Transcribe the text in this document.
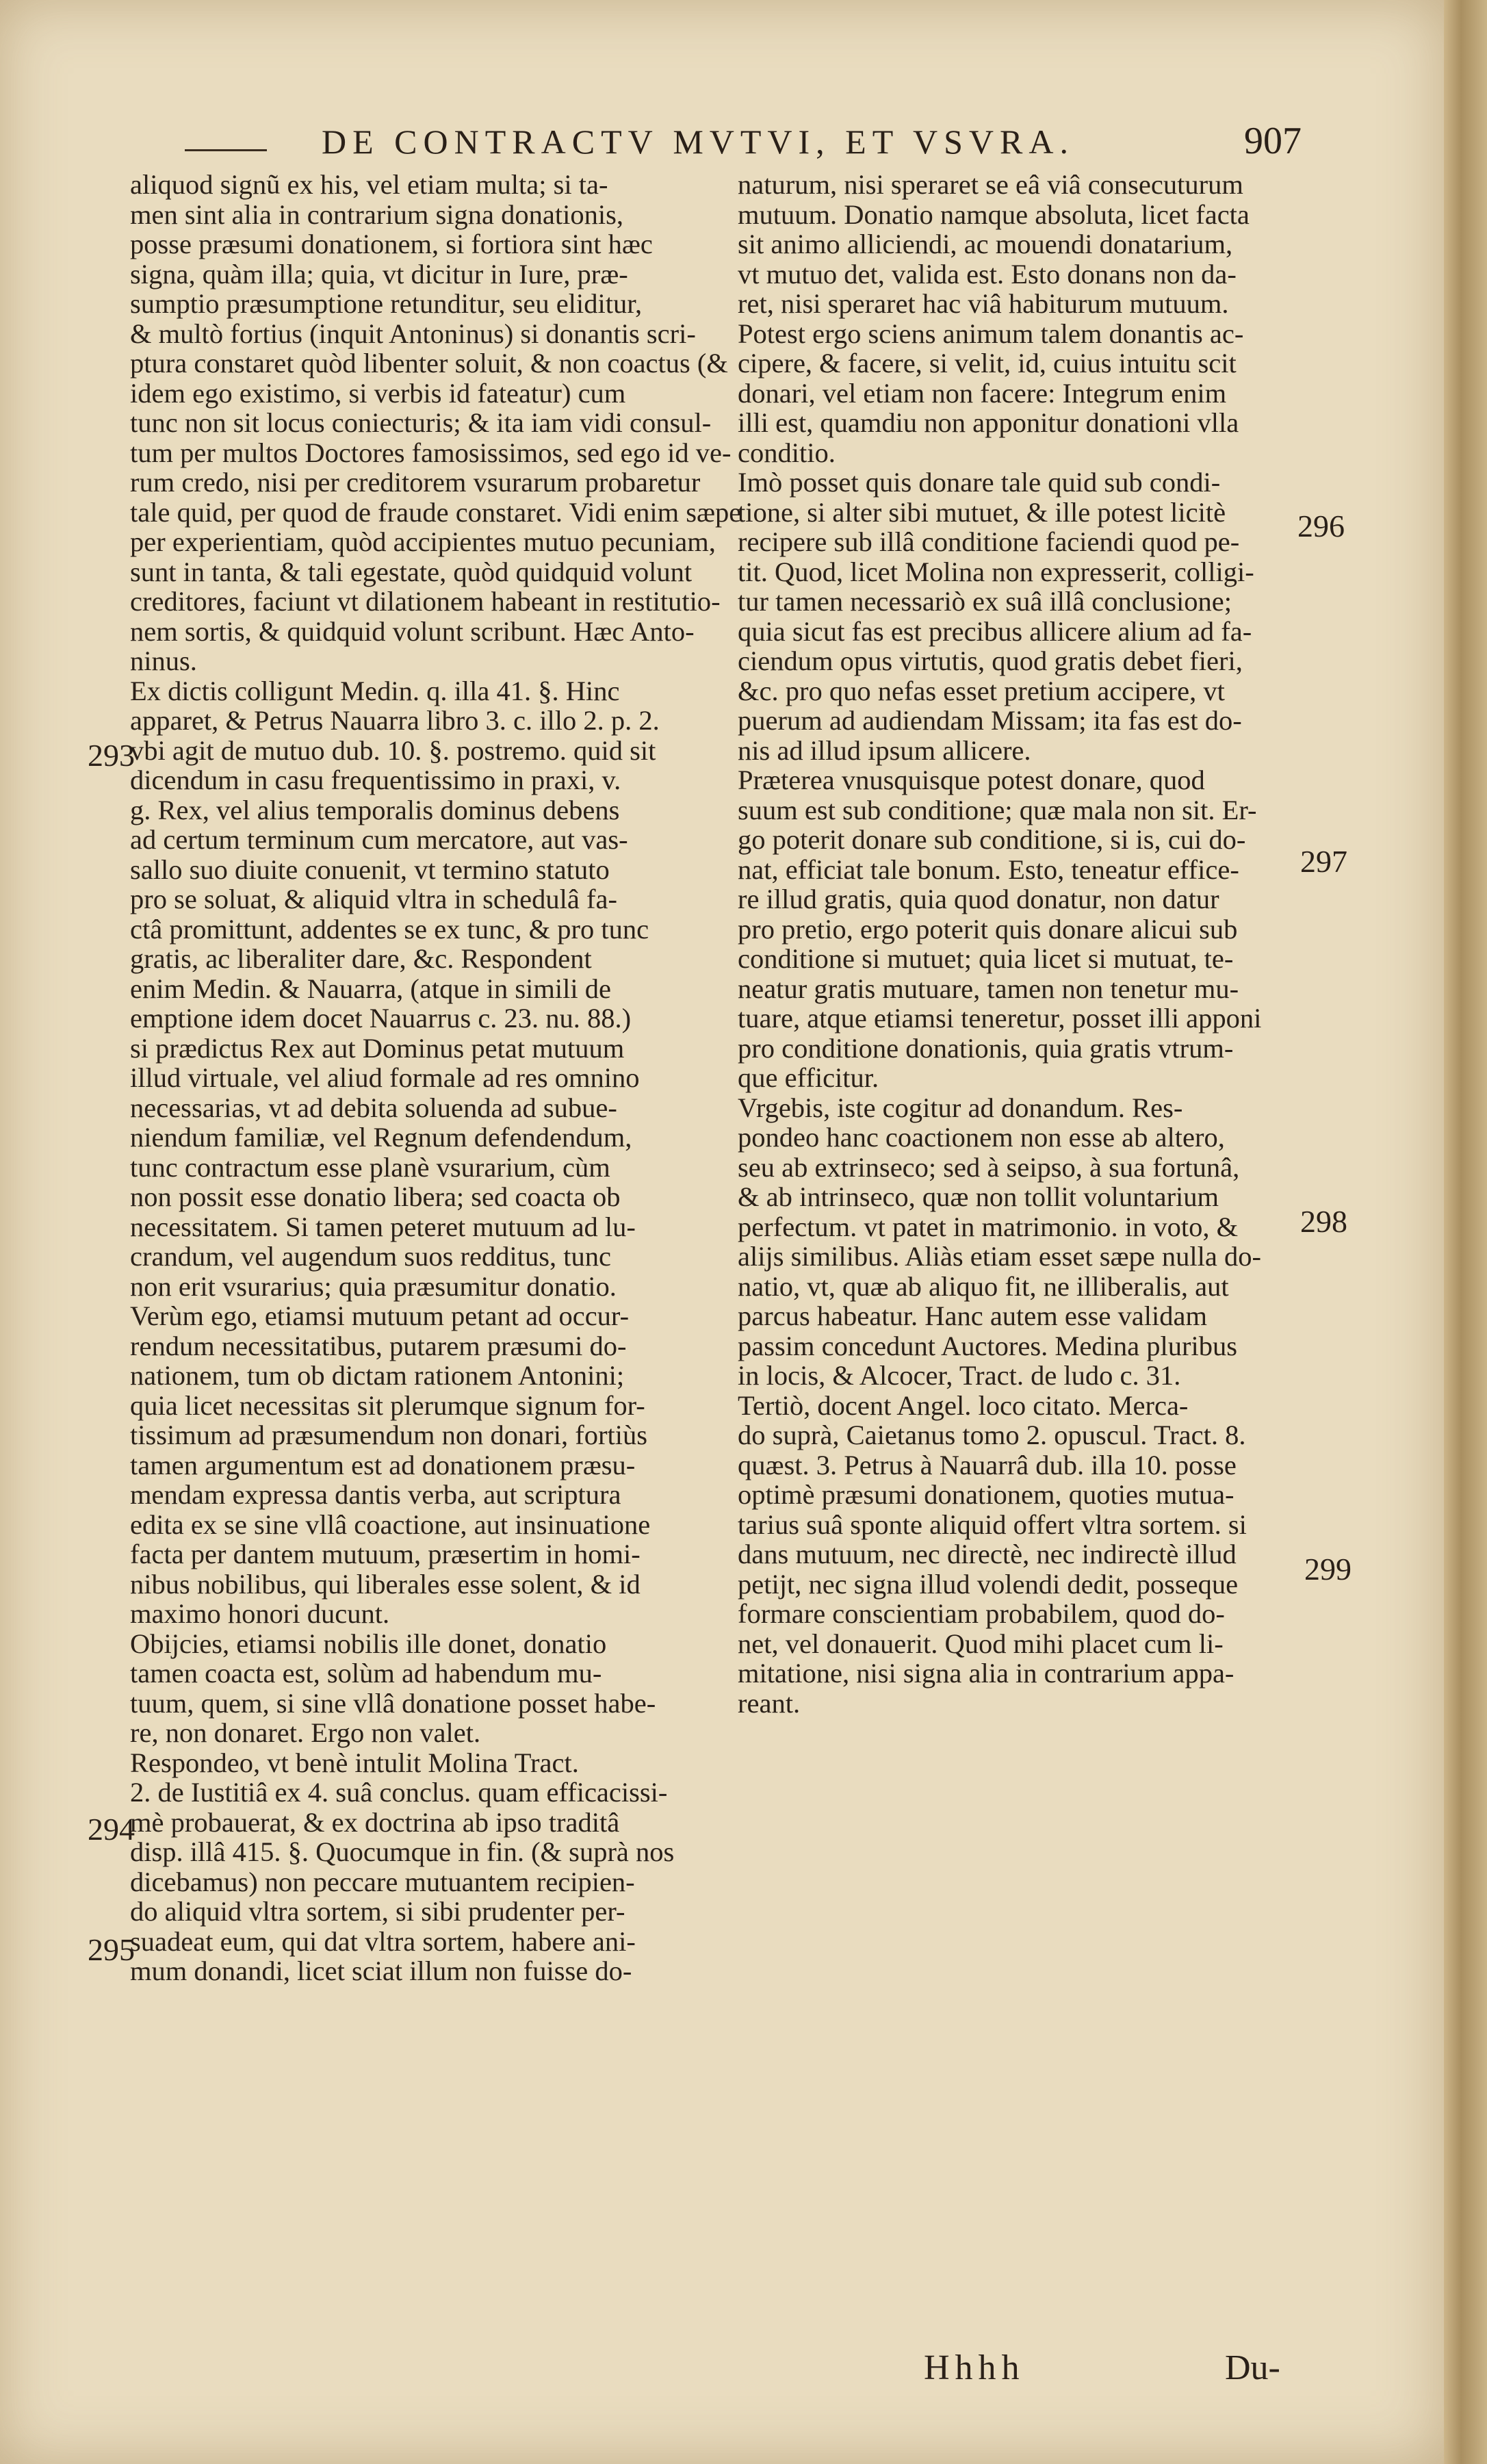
DE CONTRACTV MVTVI, ET VSVRA.	907
aliquod signũ ex his, vel etiam multa; si ta-
men sint alia in contrarium signa donationis,
posse præsumi donationem, si fortiora sint hæc
signa, quàm illa; quia, vt dicitur in Iure, præ-
sumptio præsumptione retunditur, seu eliditur,
& multò fortius (inquit Antoninus) si donantis scri-
ptura constaret quòd libenter soluit, & non coactus (&
idem ego existimo, si verbis id fateatur) cum
tunc non sit locus coniecturis; & ita iam vidi consul-
tum per multos Doctores famosissimos, sed ego id ve-
rum credo, nisi per creditorem vsurarum probaretur
tale quid, per quod de fraude constaret. Vidi enim sæpe
per experientiam, quòd accipientes mutuo pecuniam,
sunt in tanta, & tali egestate, quòd quidquid volunt
creditores, faciunt vt dilationem habeant in restitutio-
nem sortis, & quidquid volunt scribunt. Hæc Anto-
ninus.
Ex dictis colligunt Medin. q. illa 41. §. Hinc
apparet, & Petrus Nauarra libro 3. c. illo 2. p. 2.
vbi agit de mutuo dub. 10. §. postremo. quid sit
dicendum in casu frequentissimo in praxi, v.
g. Rex, vel alius temporalis dominus debens
ad certum terminum cum mercatore, aut vas-
sallo suo diuite conuenit, vt termino statuto
pro se soluat, & aliquid vltra in schedulâ fa-
ctâ promittunt, addentes se ex tunc, & pro tunc
gratis, ac liberaliter dare, &c. Respondent
enim Medin. & Nauarra, (atque in simili de
emptione idem docet Nauarrus c. 23. nu. 88.)
si prædictus Rex aut Dominus petat mutuum
illud virtuale, vel aliud formale ad res omnino
necessarias, vt ad debita soluenda ad subue-
niendum familiæ, vel Regnum defendendum,
tunc contractum esse planè vsurarium, cùm
non possit esse donatio libera; sed coacta ob
necessitatem. Si tamen peteret mutuum ad lu-
crandum, vel augendum suos redditus, tunc
non erit vsurarius; quia præsumitur donatio.
Verùm ego, etiamsi mutuum petant ad occur-
rendum necessitatibus, putarem præsumi do-
nationem, tum ob dictam rationem Antonini;
quia licet necessitas sit plerumque signum for-
tissimum ad præsumendum non donari, fortiùs
tamen argumentum est ad donationem præsu-
mendam expressa dantis verba, aut scriptura
edita ex se sine vllâ coactione, aut insinuatione
facta per dantem mutuum, præsertim in homi-
nibus nobilibus, qui liberales esse solent, & id
maximo honori ducunt.
Obijcies, etiamsi nobilis ille donet, donatio
tamen coacta est, solùm ad habendum mu-
tuum, quem, si sine vllâ donatione posset habe-
re, non donaret. Ergo non valet.
Respondeo, vt benè intulit Molina Tract.
2. de Iustitiâ ex 4. suâ conclus. quam efficacissi-
mè probauerat, & ex doctrina ab ipso traditâ
disp. illâ 415. §. Quocumque in fin. (& suprà nos
dicebamus) non peccare mutuantem recipien-
do aliquid vltra sortem, si sibi prudenter per-
suadeat eum, qui dat vltra sortem, habere ani-
mum donandi, licet sciat illum non fuisse do-
naturum, nisi speraret se eâ viâ consecuturum
mutuum. Donatio namque absoluta, licet facta
sit animo alliciendi, ac mouendi donatarium,
vt mutuo det, valida est. Esto donans non da-
ret, nisi speraret hac viâ habiturum mutuum.
Potest ergo sciens animum talem donantis ac-
cipere, & facere, si velit, id, cuius intuitu scit
donari, vel etiam non facere: Integrum enim
illi est, quamdiu non apponitur donationi vlla
conditio.
Imò posset quis donare tale quid sub condi-
tione, si alter sibi mutuet, & ille potest licitè
recipere sub illâ conditione faciendi quod pe-
tit. Quod, licet Molina non expresserit, colligi-
tur tamen necessariò ex suâ illâ conclusione;
quia sicut fas est precibus allicere alium ad fa-
ciendum opus virtutis, quod gratis debet fieri,
&c. pro quo nefas esset pretium accipere, vt
puerum ad audiendam Missam; ita fas est do-
nis ad illud ipsum allicere.
Præterea vnusquisque potest donare, quod
suum est sub conditione; quæ mala non sit. Er-
go poterit donare sub conditione, si is, cui do-
nat, efficiat tale bonum. Esto, teneatur effice-
re illud gratis, quia quod donatur, non datur
pro pretio, ergo poterit quis donare alicui sub
conditione si mutuet; quia licet si mutuat, te-
neatur gratis mutuare, tamen non tenetur mu-
tuare, atque etiamsi teneretur, posset illi apponi
pro conditione donationis, quia gratis vtrum-
que efficitur.
Vrgebis, iste cogitur ad donandum. Res-
pondeo hanc coactionem non esse ab altero,
seu ab extrinseco; sed à seipso, à sua fortunâ,
& ab intrinseco, quæ non tollit voluntarium
perfectum. vt patet in matrimonio. in voto, &
alijs similibus. Aliàs etiam esset sæpe nulla do-
natio, vt, quæ ab aliquo fit, ne illiberalis, aut
parcus habeatur. Hanc autem esse validam
passim concedunt Auctores. Medina pluribus
in locis, & Alcocer, Tract. de ludo c. 31.
Tertiò, docent Angel. loco citato. Merca-
do suprà, Caietanus tomo 2. opuscul. Tract. 8.
quæst. 3. Petrus à Nauarrâ dub. illa 10. posse
optimè præsumi donationem, quoties mutua-
tarius suâ sponte aliquid offert vltra sortem. si
dans mutuum, nec directè, nec indirectè illud
petijt, nec signa illud volendi dedit, posseque
formare conscientiam probabilem, quod do-
net, vel donauerit. Quod mihi placet cum li-
mitatione, nisi signa alia in contrarium appa-
reant.
293
294
295
296
297
298
299
Hhhh	Du-
